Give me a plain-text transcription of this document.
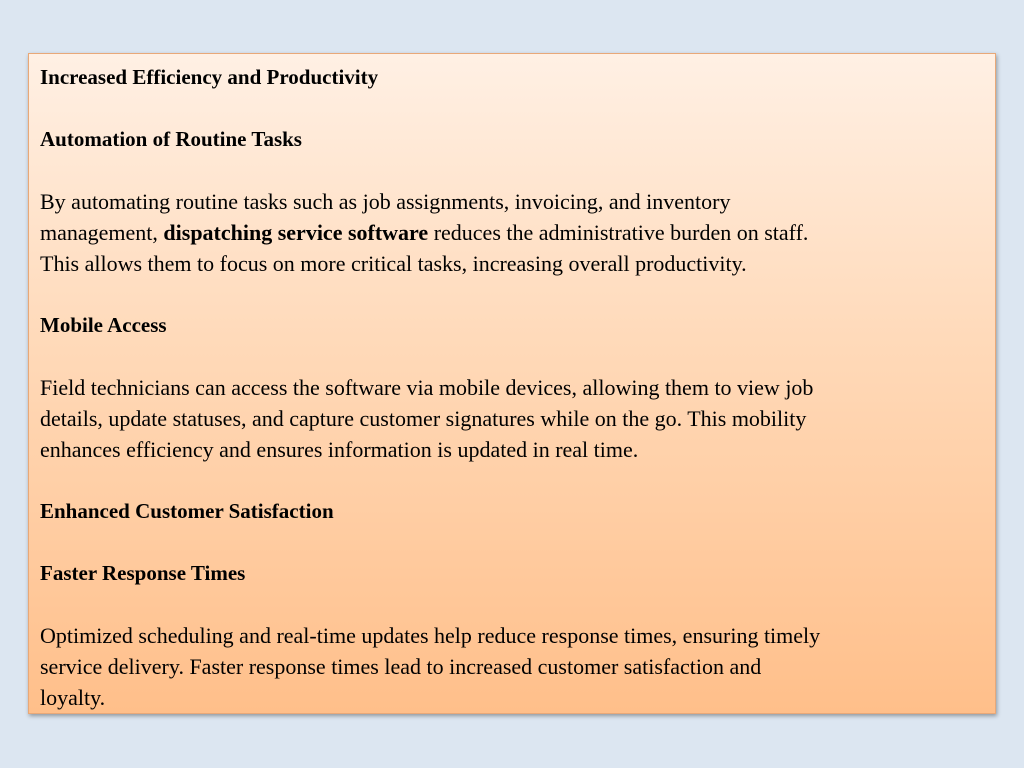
Increased Efficiency and Productivity

Automation of Routine Tasks

By automating routine tasks such as job assignments, invoicing, and inventory

management, dispatching service software reduces the administrative burden on staff.

This allows them to focus on more critical tasks, increasing overall productivity.

Mobile Access

Field technicians can access the software via mobile devices, allowing them to view job

details, update statuses, and capture customer signatures while on the go. This mobility

enhances efficiency and ensures information is updated in real time.

Enhanced Customer Satisfaction

Faster Response Times

Optimized scheduling and real-time updates help reduce response times, ensuring timely

service delivery. Faster response times lead to increased customer satisfaction and

loyalty.
